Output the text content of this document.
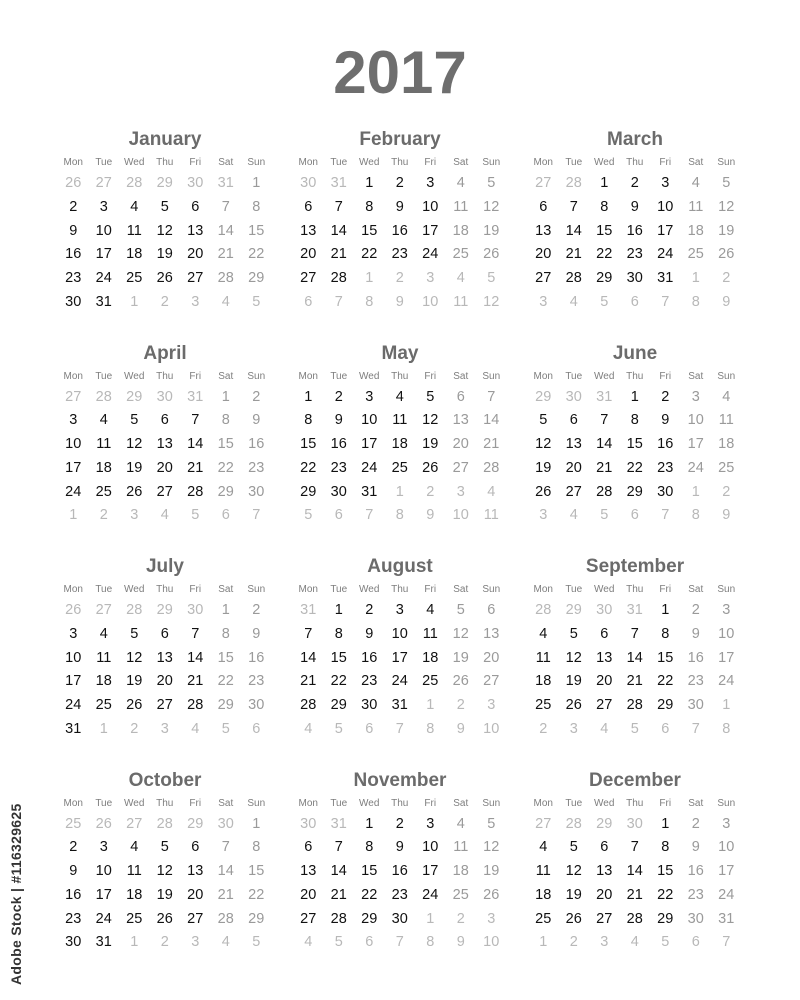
2017
January
Mon	Tue	Wed	Thu	Fri	Sat	Sun
26 27 28 29 30 31	1
2	3	4	5	6	7	8
9	10	11	12 13 14 15
16 17 18 19 20 21 22
23 24 25 26 27 28 29
30 31	1	2	3	4	5
February
Mon	Tue	Wed	Thu	Fri	Sat	Sun
30 31	1	2	3	4	5
6	7	8	9	10	11	12
13 14 15 16 17 18 19
20 21 22 23 24 25 26
27 28	1	2	3	4	5
6	7	8	9	10	11	12
March
Mon	Tue	Wed	Thu	Fri	Sat	Sun
27 28	1	2	3	4	5
6	7	8	9	10	11	12
13 14 15 16 17 18 19
20 21 22 23 24 25 26
27 28 29 30 31	1	2
3	4	5	6	7	8	9
April
Mon	Tue	Wed	Thu	Fri	Sat	Sun
27 28 29 30 31	1	2
3	4	5	6	7	8	9
10	11	12 13 14 15 16
17 18 19 20 21 22 23
24 25 26 27 28 29 30
1	2	3	4	5	6	7
May
Mon	Tue	Wed	Thu	Fri	Sat	Sun
1	2	3	4	5	6	7
8	9	10	11	12 13 14
15 16 17 18 19 20 21
22 23 24 25 26 27 28
29 30 31	1	2	3	4
5	6	7	8	9	10	11
June
Mon	Tue	Wed	Thu	Fri	Sat	Sun
29 30 31	1	2	3	4
5	6	7	8	9	10	11
12 13 14 15 16 17 18
19 20 21 22 23 24 25
26 27 28 29 30	1	2
3	4	5	6	7	8	9
July
Mon	Tue	Wed	Thu	Fri	Sat	Sun
26 27 28 29 30	1	2
3	4	5	6	7	8	9
10	11	12 13 14 15 16
17 18 19 20 21 22 23
24 25 26 27 28 29 30
31	1	2	3	4	5	6
August
Mon	Tue	Wed	Thu	Fri	Sat	Sun
31	1	2	3	4	5	6
7	8	9	10	11	12 13
14 15 16 17 18 19 20
21 22 23 24 25 26 27
28 29 30 31	1	2	3
4	5	6	7	8	9	10
September
Mon	Tue	Wed	Thu	Fri	Sat	Sun
28 29 30 31	1	2	3
4	5	6	7	8	9	10
11	12 13 14 15 16 17
18 19 20 21 22 23 24
25 26 27 28 29 30	1
2	3	4	5	6	7	8
October
Mon	Tue	Wed	Thu	Fri	Sat	Sun
25 26 27 28 29 30	1
2	3	4	5	6	7	8
9	10	11	12 13 14 15
16 17 18 19 20 21 22
23 24 25 26 27 28 29
30 31	1	2	3	4	5
November
Mon	Tue	Wed	Thu	Fri	Sat	Sun
30 31	1	2	3	4	5
6	7	8	9	10	11	12
13 14 15 16 17 18 19
20 21 22 23 24 25 26
27 28 29 30	1	2	3
4	5	6	7	8	9	10
December
Mon	Tue	Wed	Thu	Fri	Sat	Sun
27 28 29 30	1	2	3
4	5	6	7	8	9	10
11	12 13 14 15 16 17
18 19 20 21 22 23 24
25 26 27 28 29 30 31
1	2	3	4	5	6	7
Adobe Stock | #116329625
